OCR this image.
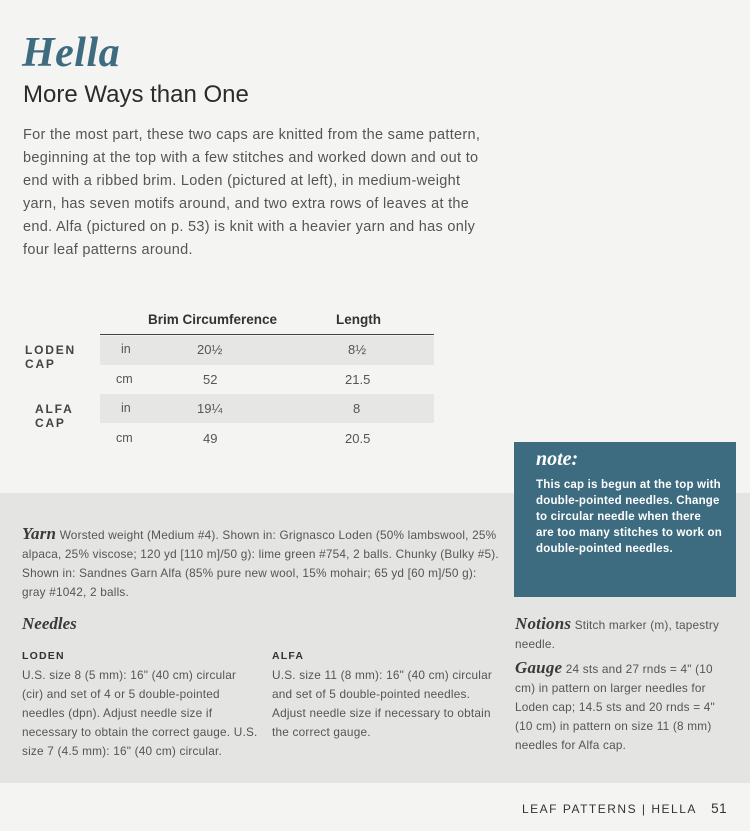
Hella
More Ways than One

For the most part, these two caps are knitted from the same pattern, beginning at the top with a few stitches and worked down and out to end with a ribbed brim. Loden (pictured at left), in medium-weight yarn, has seven motifs around, and two extra rows of leaves at the end. Alfa (pictured on p. 53) is knit with a heavier yarn and has only four leaf patterns around.

Brim Circumference	Length
LODEN CAP
in	20½	8½
cm	52	21.5
ALFA CAP
in	19¼	8
cm	49	20.5

note:

This cap is begun at the top with double-pointed needles. Change to circular needle when there are too many stitches to work on double-pointed needles.

Yarn Worsted weight (Medium #4). Shown in: Grignasco Loden (50% lambswool, 25% alpaca, 25% viscose; 120 yd [110 m]/50 g): lime green #754, 2 balls. Chunky (Bulky #5). Shown in: Sandnes Garn Alfa (85% pure new wool, 15% mohair; 65 yd [60 m]/50 g): gray #1042, 2 balls.

Needles
LODEN

U.S. size 8 (5 mm): 16" (40 cm) circular (cir) and set of 4 or 5 double-pointed needles (dpn). Adjust needle size if necessary to obtain the correct gauge. U.S. size 7 (4.5 mm): 16" (40 cm) circular.

ALFA

U.S. size 11 (8 mm): 16" (40 cm) circular and set of 5 double-pointed needles. Adjust needle size if necessary to obtain the correct gauge.

Notions Stitch marker (m), tapestry needle.

Gauge 24 sts and 27 rnds = 4" (10 cm) in pattern on larger needles for Loden cap; 14.5 sts and 20 rnds = 4" (10 cm) in pattern on size 11 (8 mm) needles for Alfa cap.

LEAF PATTERNS | HELLA 51
